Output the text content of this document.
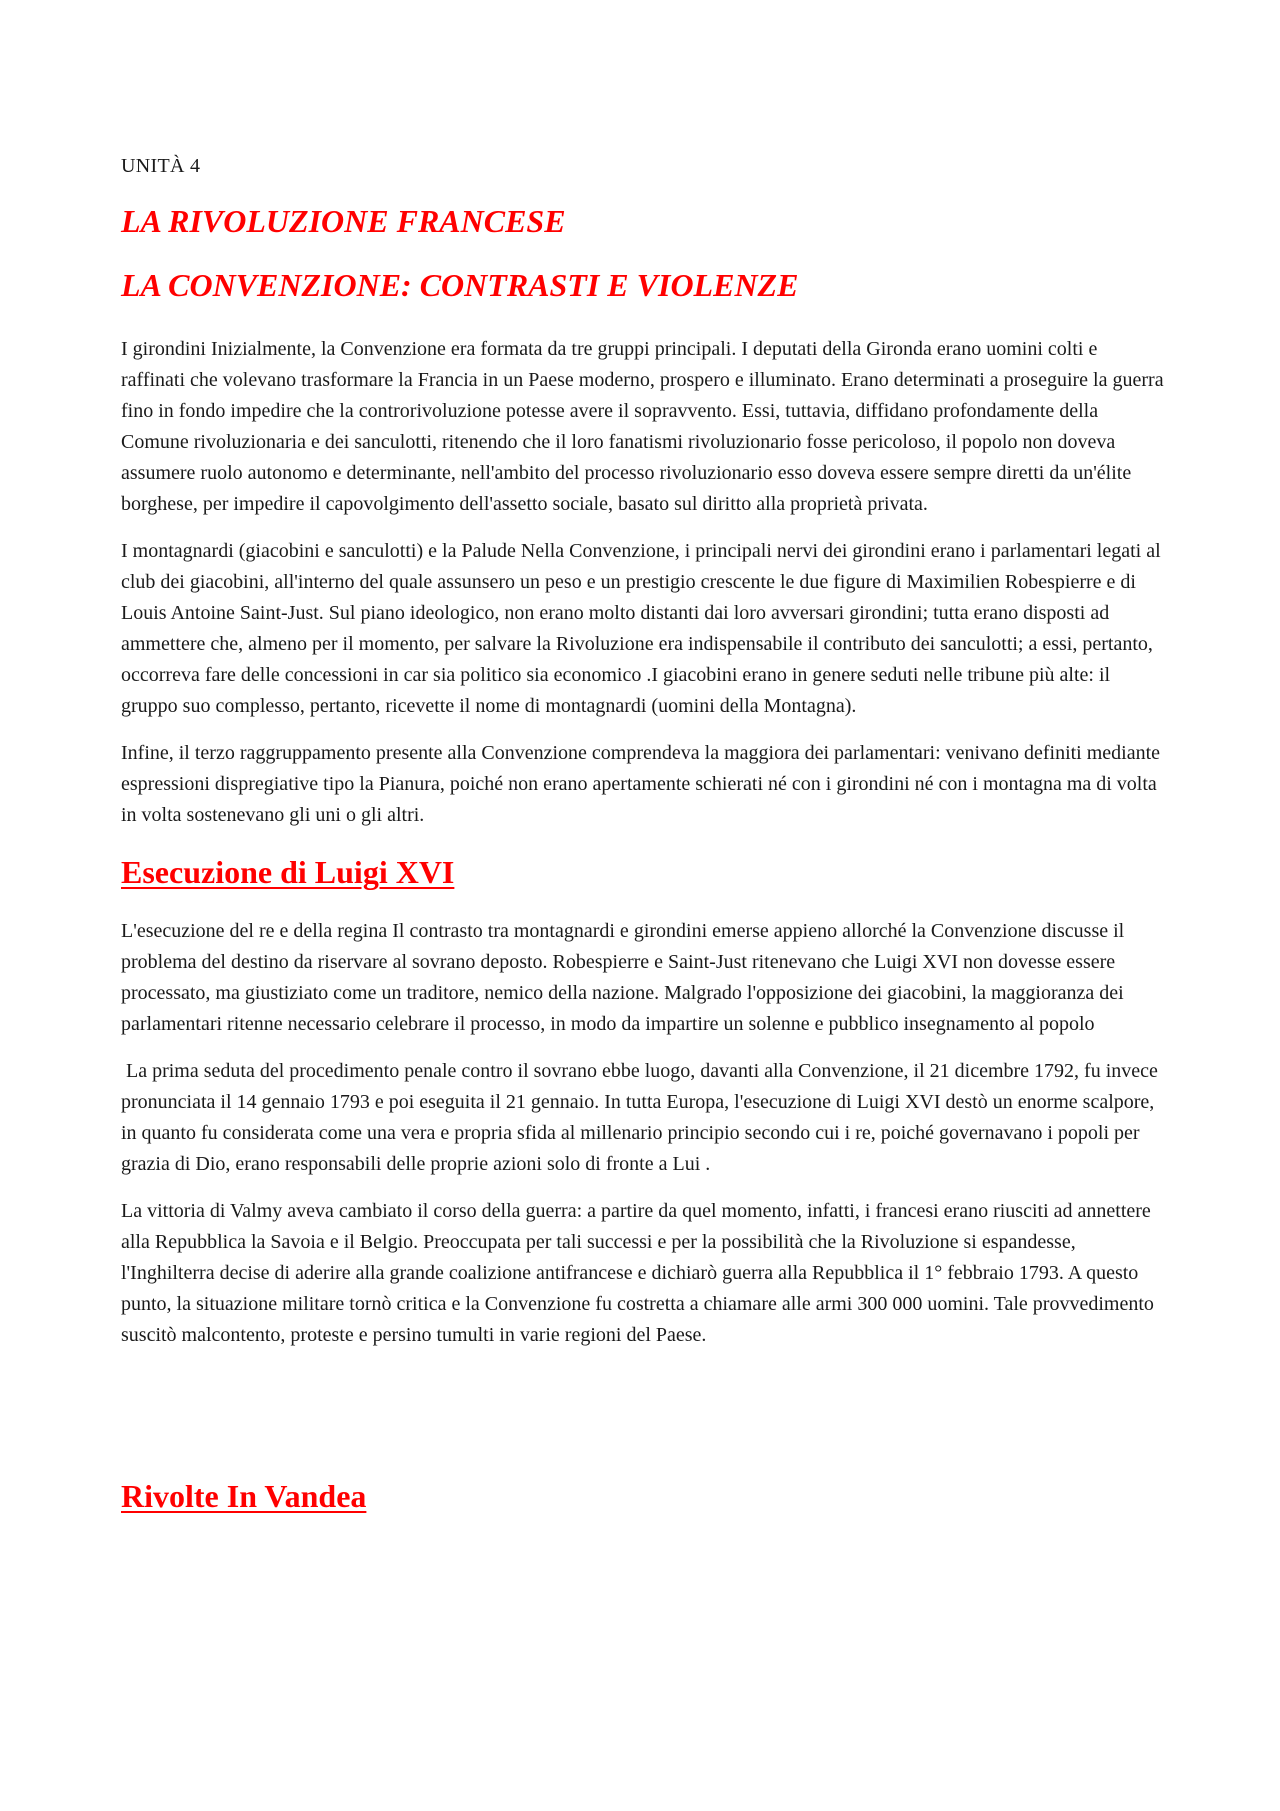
UNITÀ 4

LA RIVOLUZIONE FRANCESE
LA CONVENZIONE: CONTRASTI E VIOLENZE

I girondini Inizialmente, la Convenzione era formata da tre gruppi principali. I deputati della Gironda erano uomini colti e raffinati che volevano trasformare la Francia in un Paese moderno, prospero e illuminato. Erano determinati a proseguire la guerra fino in fondo impedire che la controrivoluzione potesse avere il sopravvento. Essi, tuttavia, diffidano profondamente della Comune rivoluzionaria e dei sanculotti, ritenendo che il loro fanatismi rivoluzionario fosse pericoloso, il popolo non doveva assumere ruolo autonomo e determinante, nell'ambito del processo rivoluzionario esso doveva essere sempre diretti da un'élite borghese, per impedire il capovolgimento dell'assetto sociale, basato sul diritto alla proprietà privata.

I montagnardi (giacobini e sanculotti) e la Palude Nella Convenzione, i principali nervi dei girondini erano i parlamentari legati al club dei giacobini, all'interno del quale assunsero un peso e un prestigio crescente le due figure di Maximilien Robespierre e di Louis Antoine Saint-Just. Sul piano ideologico, non erano molto distanti dai loro avversari girondini; tutta erano disposti ad ammettere che, almeno per il momento, per salvare la Rivoluzione era indispensabile il contributo dei sanculotti; a essi, pertanto, occorreva fare delle concessioni in car sia politico sia economico .I giacobini erano in genere seduti nelle tribune più alte: il gruppo suo complesso, pertanto, ricevette il nome di montagnardi (uomini della Montagna).

Infine, il terzo raggruppamento presente alla Convenzione comprendeva la maggiora dei parlamentari: venivano definiti mediante espressioni dispregiative tipo la Pianura, poiché non erano apertamente schierati né con i girondini né con i montagna ma di volta in volta sostenevano gli uni o gli altri.

Esecuzione di Luigi XVI

L'esecuzione del re e della regina Il contrasto tra montagnardi e girondini emerse appieno allorché la Convenzione discusse il problema del destino da riservare al sovrano deposto. Robespierre e Saint-Just ritenevano che Luigi XVI non dovesse essere processato, ma giustiziato come un traditore, nemico della nazione. Malgrado l'opposizione dei giacobini, la maggioranza dei parlamentari ritenne necessario celebrare il processo, in modo da impartire un solenne e pubblico insegnamento al popolo

La prima seduta del procedimento penale contro il sovrano ebbe luogo, davanti alla Convenzione, il 21 dicembre 1792, fu invece pronunciata il 14 gennaio 1793 e poi eseguita il 21 gennaio. In tutta Europa, l'esecuzione di Luigi XVI destò un enorme scalpore, in quanto fu considerata come una vera e propria sfida al millenario principio secondo cui i re, poiché governavano i popoli per grazia di Dio, erano responsabili delle proprie azioni solo di fronte a Lui .

La vittoria di Valmy aveva cambiato il corso della guerra: a partire da quel momento, infatti, i francesi erano riusciti ad annettere alla Repubblica la Savoia e il Belgio. Preoccupata per tali successi e per la possibilità che la Rivoluzione si espandesse, l'Inghilterra decise di aderire alla grande coalizione antifrancese e dichiarò guerra alla Repubblica il 1° febbraio 1793. A questo punto, la situazione militare tornò critica e la Convenzione fu costretta a chiamare alle armi 300 000 uomini. Tale provvedimento suscitò malcontento, proteste e persino tumulti in varie regioni del Paese.

Rivolte In Vandea
